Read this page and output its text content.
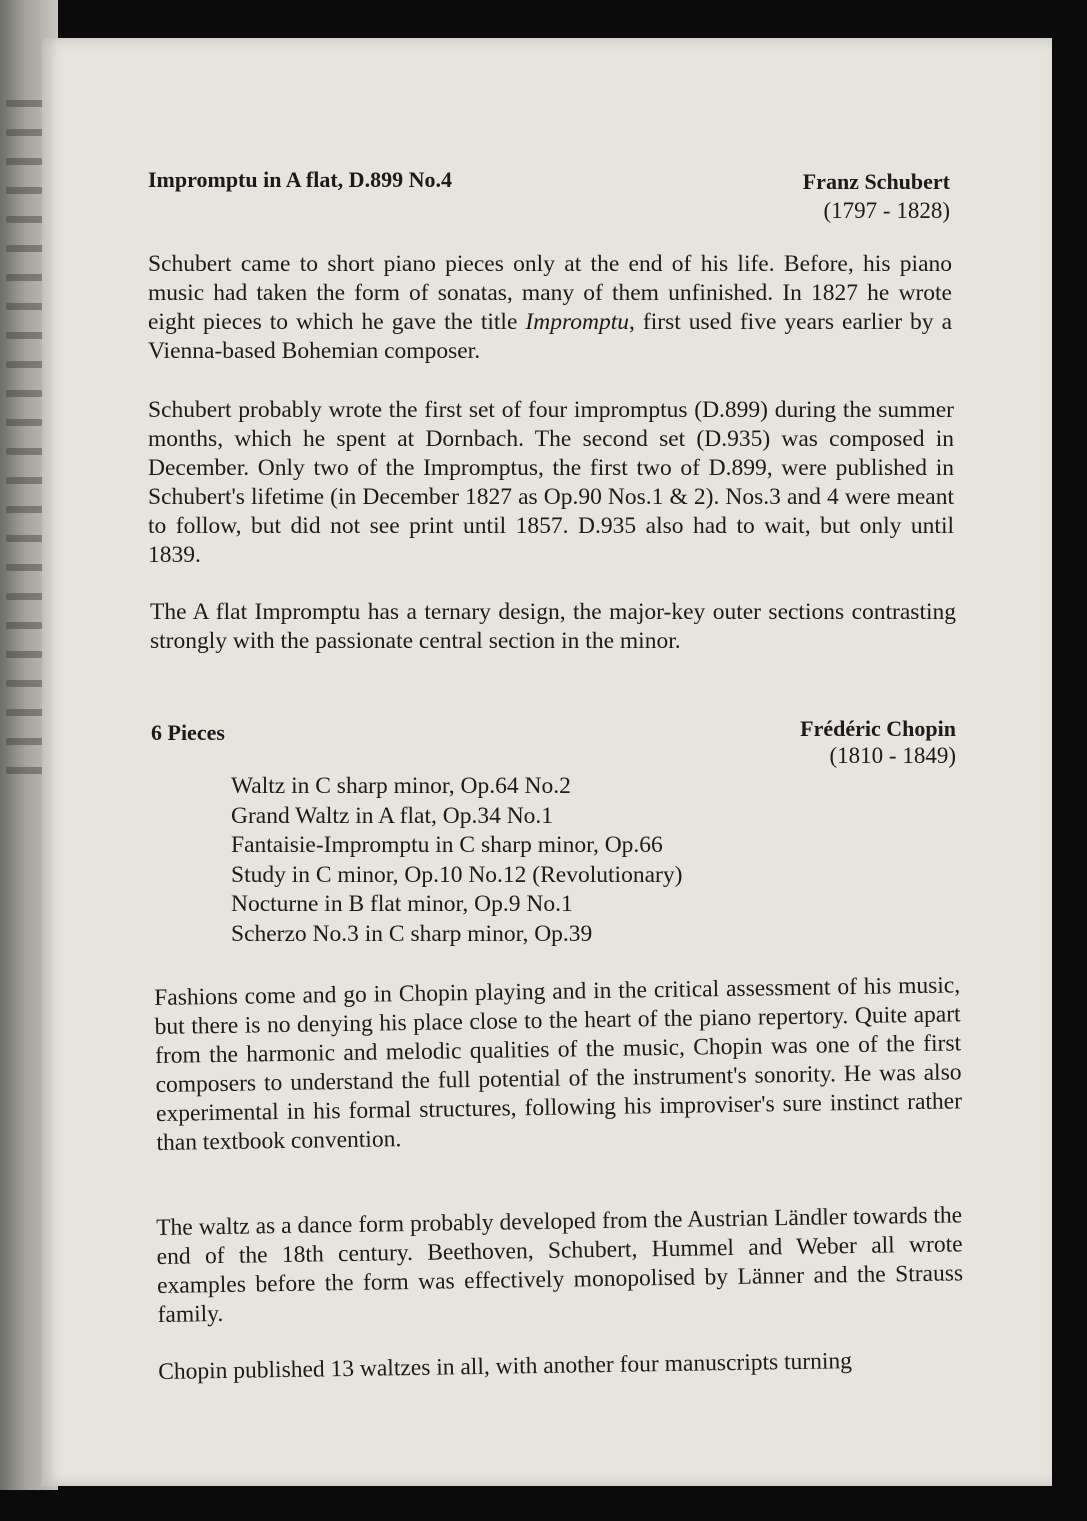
Impromptu in A flat, D.899 No.4	Franz Schubert
(1797 - 1828)
Schubert came to short piano pieces only at the end of his life. Before, his piano music had taken the form of sonatas, many of them unfinished. In 1827 he wrote eight pieces to which he gave the title Impromptu, first used five years earlier by a Vienna-based Bohemian composer.
Schubert probably wrote the first set of four impromptus (D.899) during the summer months, which he spent at Dornbach. The second set (D.935) was composed in December. Only two of the Impromptus, the first two of D.899, were published in Schubert's lifetime (in December 1827 as Op.90 Nos.1 & 2). Nos.3 and 4 were meant to follow, but did not see print until 1857. D.935 also had to wait, but only until 1839.
The A flat Impromptu has a ternary design, the major-key outer sections contrasting strongly with the passionate central section in the minor.
6 Pieces	Frédéric Chopin
(1810 - 1849)
Waltz in C sharp minor, Op.64 No.2
Grand Waltz in A flat, Op.34 No.1
Fantaisie-Impromptu in C sharp minor, Op.66
Study in C minor, Op.10 No.12 (Revolutionary)
Nocturne in B flat minor, Op.9 No.1
Scherzo No.3 in C sharp minor, Op.39
Fashions come and go in Chopin playing and in the critical assessment of his music, but there is no denying his place close to the heart of the piano repertory. Quite apart from the harmonic and melodic qualities of the music, Chopin was one of the first composers to understand the full potential of the instrument's sonority. He was also experimental in his formal structures, following his improviser's sure instinct rather than textbook convention.
The waltz as a dance form probably developed from the Austrian Ländler towards the end of the 18th century. Beethoven, Schubert, Hummel and Weber all wrote examples before the form was effectively monopolised by Länner and the Strauss family.
Chopin published 13 waltzes in all, with another four manuscripts turning
